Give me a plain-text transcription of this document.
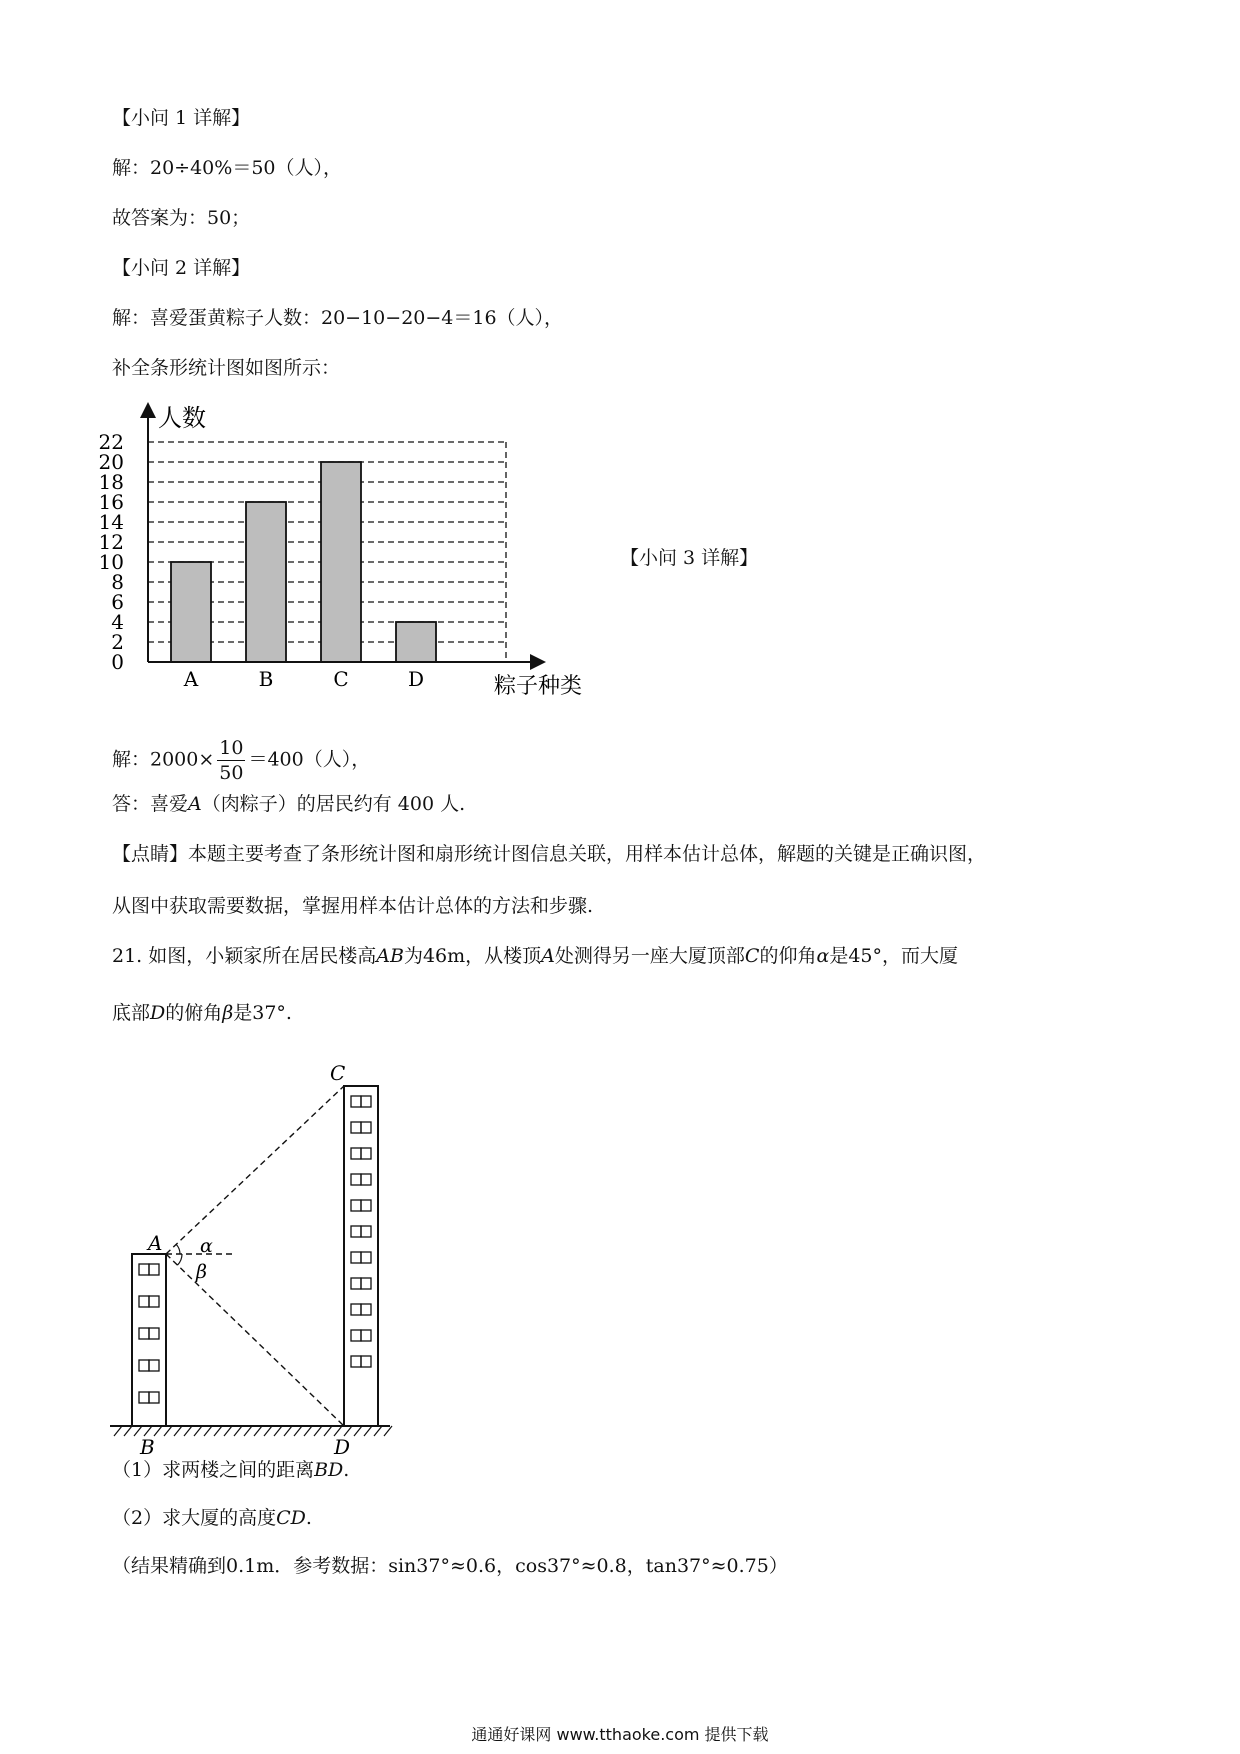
【小问 1 详解】
解：20÷40%＝50（人），
故答案为：50；
【小问 2 详解】
解：喜爱蛋黄粽子人数：20−10−20−4＝16（人），
补全条形统计图如图所示：
0
2
4
6
8
10
12
14
16
18
20
22
A	B	C	D
人数
粽子种类
【小问 3 详解】
解：$2000\times \frac{10}{50} =400$（人），
答：喜爱A（肉粽子）的居民约有 400 人.
【点睛】本题主要考查了条形统计图和扇形统计图信息关联，用样本估计总体，解题的关键是正确识图，
从图中获取需要数据，掌握用样本估计总体的方法和步骤.
21. 如图，小颖家所在居民楼高AB为46m，从楼顶A处测得另一座大厦顶部C的仰角α是45°，而大厦
底部D的俯角β是37°.
C
A
B	D
α
β
（1）求两楼之间的距离BD.
（2）求大厦的高度CD.
（结果精确到0.1m．参考数据：sin37°≈0.6，cos37°≈0.8，tan37°≈0.75）
通通好课网 www.tthaoke.com 提供下载
